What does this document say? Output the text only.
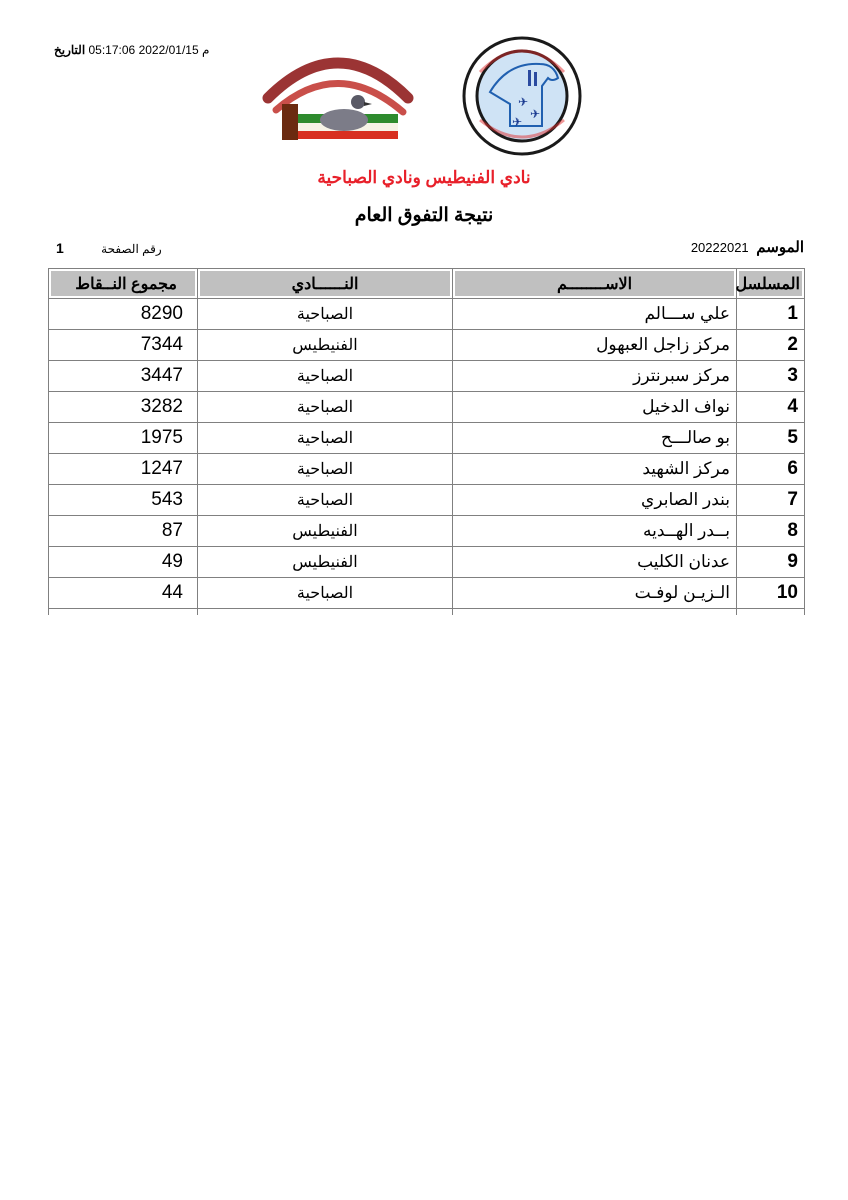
م 2022/01/15 05:17:06 التاريخ
✈
✈
✈
نادي الفنيطيس ونادي الصباحية
نتيجة التفوق العام
الموسم 20222021
رقم الصفحة 1
المسلسل	الاســــــــم	النــــــادي	مجموع النــقاط
1	علي ســـالم	الصباحية	8290
2	مركز زاجل العبهول	الفنيطيس	7344
3	مركز سبرنترز	الصباحية	3447
4	نواف الدخيل	الصباحية	3282
5	بو صالـــح	الصباحية	1975
6	مركز الشهيد	الصباحية	1247
7	بندر الصابري	الصباحية	543
8	بــدر الهــديه	الفنيطيس	87
9	عدنان الكليب	الفنيطيس	49
10	الـزيـن لوفـت	الصباحية	44
